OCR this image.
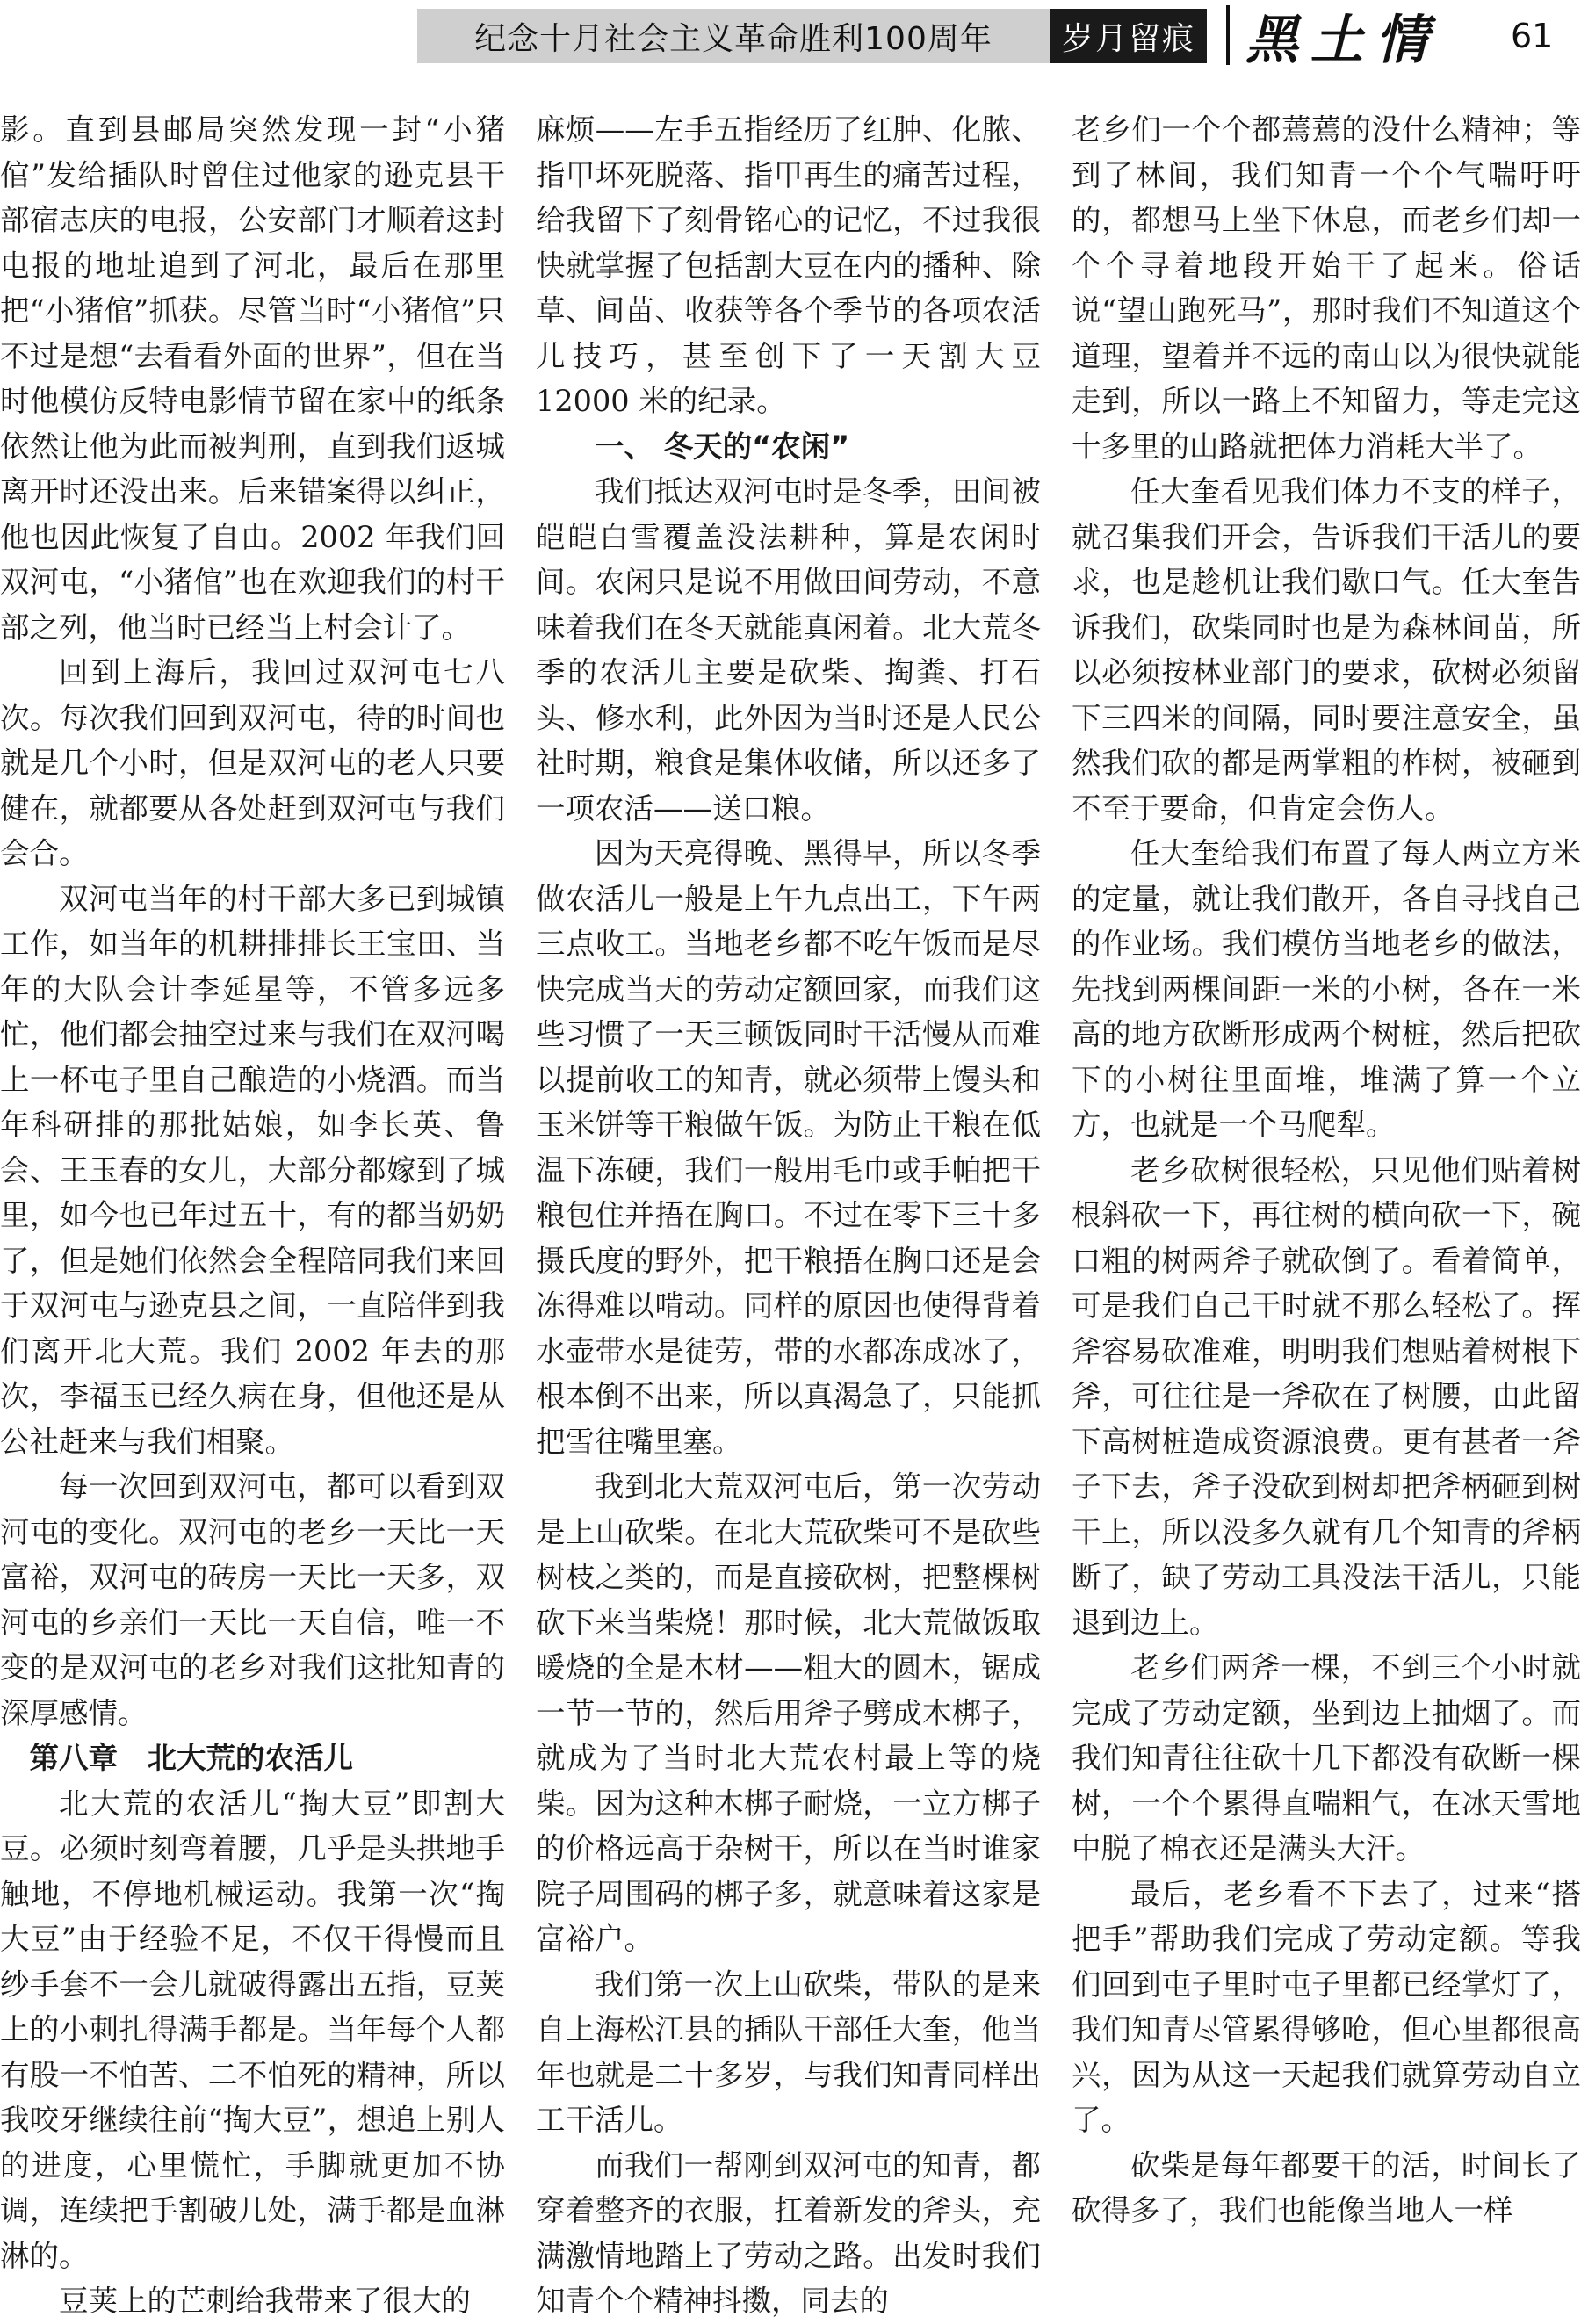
纪念十月社会主义革命胜利100周年	岁月留痕 黑土情 61

影。直到县邮局突然发现一封“小猪倌”发给插队时曾住过他家的逊克县干部宿志庆的电报，公安部门才顺着这封电报的地址追到了河北，最后在那里把“小猪倌”抓获。尽管当时“小猪倌”只不过是想“去看看外面的世界”，但在当时他模仿反特电影情节留在家中的纸条依然让他为此而被判刑，直到我们返城离开时还没出来。后来错案得以纠正，他也因此恢复了自由。2002 年我们回双河屯，“小猪倌”也在欢迎我们的村干部之列，他当时已经当上村会计了。

回到上海后，我回过双河屯七八次。每次我们回到双河屯，待的时间也就是几个小时，但是双河屯的老人只要健在，就都要从各处赶到双河屯与我们会合。

双河屯当年的村干部大多已到城镇工作，如当年的机耕排排长王宝田、当年的大队会计李延星等，不管多远多忙，他们都会抽空过来与我们在双河喝上一杯屯子里自己酿造的小烧酒。而当年科研排的那批姑娘，如李长英、鲁会、王玉春的女儿，大部分都嫁到了城里，如今也已年过五十，有的都当奶奶了，但是她们依然会全程陪同我们来回于双河屯与逊克县之间，一直陪伴到我们离开北大荒。我们 2002 年去的那次，李福玉已经久病在身，但他还是从公社赶来与我们相聚。

每一次回到双河屯，都可以看到双河屯的变化。双河屯的老乡一天比一天富裕，双河屯的砖房一天比一天多，双河屯的乡亲们一天比一天自信，唯一不变的是双河屯的老乡对我们这批知青的深厚感情。

第八章　北大荒的农活儿

北大荒的农活儿“掏大豆”即割大豆。必须时刻弯着腰，几乎是头拱地手触地，不停地机械运动。我第一次“掏大豆”由于经验不足，不仅干得慢而且纱手套不一会儿就破得露出五指，豆荚上的小刺扎得满手都是。当年每个人都有股一不怕苦、二不怕死的精神，所以我咬牙继续往前“掏大豆”，想追上别人的进度，心里慌忙，手脚就更加不协调，连续把手割破几处，满手都是血淋淋的。

豆荚上的芒刺给我带来了很大的

麻烦——左手五指经历了红肿、化脓、指甲坏死脱落、指甲再生的痛苦过程，给我留下了刻骨铭心的记忆，不过我很快就掌握了包括割大豆在内的播种、除草、间苗、收获等各个季节的各项农活儿技巧，甚至创下了一天割大豆 12000 米的纪录。

一、 冬天的“农闲”

我们抵达双河屯时是冬季，田间被皑皑白雪覆盖没法耕种，算是农闲时间。农闲只是说不用做田间劳动，不意味着我们在冬天就能真闲着。北大荒冬季的农活儿主要是砍柴、掏粪、打石头、修水利，此外因为当时还是人民公社时期，粮食是集体收储，所以还多了一项农活——送口粮。

因为天亮得晚、黑得早，所以冬季做农活儿一般是上午九点出工，下午两三点收工。当地老乡都不吃午饭而是尽快完成当天的劳动定额回家，而我们这些习惯了一天三顿饭同时干活慢从而难以提前收工的知青，就必须带上馒头和玉米饼等干粮做午饭。为防止干粮在低温下冻硬，我们一般用毛巾或手帕把干粮包住并捂在胸口。不过在零下三十多摄氏度的野外，把干粮捂在胸口还是会冻得难以啃动。同样的原因也使得背着水壶带水是徒劳，带的水都冻成冰了，根本倒不出来，所以真渴急了，只能抓把雪往嘴里塞。

我到北大荒双河屯后，第一次劳动是上山砍柴。在北大荒砍柴可不是砍些树枝之类的，而是直接砍树，把整棵树砍下来当柴烧！那时候，北大荒做饭取暖烧的全是木材——粗大的圆木，锯成一节一节的，然后用斧子劈成木梆子，就成为了当时北大荒农村最上等的烧柴。因为这种木梆子耐烧，一立方梆子的价格远高于杂树干，所以在当时谁家院子周围码的梆子多，就意味着这家是富裕户。

我们第一次上山砍柴，带队的是来自上海松江县的插队干部任大奎，他当年也就是二十多岁，与我们知青同样出工干活儿。

而我们一帮刚到双河屯的知青，都穿着整齐的衣服，扛着新发的斧头，充满激情地踏上了劳动之路。出发时我们知青个个精神抖擞，同去的

老乡们一个个都蔫蔫的没什么精神；等到了林间，我们知青一个个气喘吁吁的，都想马上坐下休息，而老乡们却一个个寻着地段开始干了起来。俗话说“望山跑死马”，那时我们不知道这个道理，望着并不远的南山以为很快就能走到，所以一路上不知留力，等走完这十多里的山路就把体力消耗大半了。

任大奎看见我们体力不支的样子，就召集我们开会，告诉我们干活儿的要求，也是趁机让我们歇口气。任大奎告诉我们，砍柴同时也是为森林间苗，所以必须按林业部门的要求，砍树必须留下三四米的间隔，同时要注意安全，虽然我们砍的都是两掌粗的柞树，被砸到不至于要命，但肯定会伤人。

任大奎给我们布置了每人两立方米的定量，就让我们散开，各自寻找自己的作业场。我们模仿当地老乡的做法，先找到两棵间距一米的小树，各在一米高的地方砍断形成两个树桩，然后把砍下的小树往里面堆，堆满了算一个立方，也就是一个马爬犁。

老乡砍树很轻松，只见他们贴着树根斜砍一下，再往树的横向砍一下，碗口粗的树两斧子就砍倒了。看着简单，可是我们自己干时就不那么轻松了。挥斧容易砍准难，明明我们想贴着树根下斧，可往往是一斧砍在了树腰，由此留下高树桩造成资源浪费。更有甚者一斧子下去，斧子没砍到树却把斧柄砸到树干上，所以没多久就有几个知青的斧柄断了，缺了劳动工具没法干活儿，只能退到边上。

老乡们两斧一棵，不到三个小时就完成了劳动定额，坐到边上抽烟了。而我们知青往往砍十几下都没有砍断一棵树，一个个累得直喘粗气，在冰天雪地中脱了棉衣还是满头大汗。

最后，老乡看不下去了，过来“搭把手”帮助我们完成了劳动定额。等我们回到屯子里时屯子里都已经掌灯了，我们知青尽管累得够呛，但心里都很高兴，因为从这一天起我们就算劳动自立了。

砍柴是每年都要干的活，时间长了砍得多了，我们也能像当地人一样
